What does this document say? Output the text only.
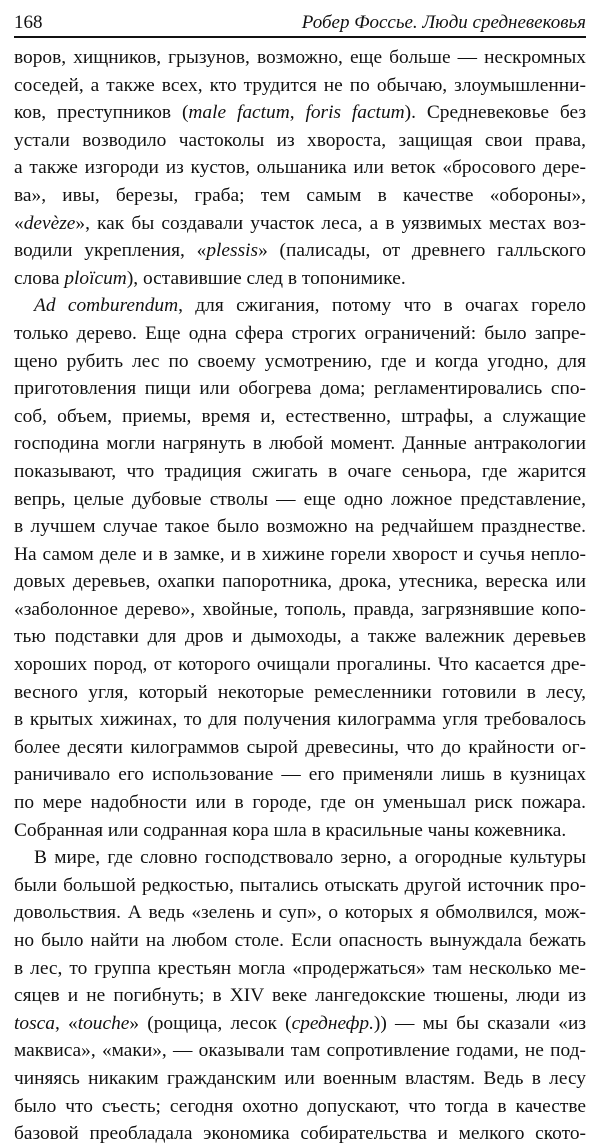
168	Робер Фоссье. Люди средневековья
воров, хищников, грызунов, возможно, еще больше — нескромных
соседей, а также всех, кто трудится не по обычаю, злоумышленни-
ков, преступников (male factum, foris factum). Средневековье без
устали возводило частоколы из хвороста, защищая свои права,
а также изгороди из кустов, ольшаника или веток «бросового дере-
ва», ивы, березы, граба; тем самым в качестве «обороны»,
«devèze», как бы создавали участок леса, а в уязвимых местах воз-
водили укрепления, «plessis» (палисады, от древнего галльского
слова ploïcum), оставившие след в топонимике.
Ad comburendum, для сжигания, потому что в очагах горело
только дерево. Еще одна сфера строгих ограничений: было запре-
щено рубить лес по своему усмотрению, где и когда угодно, для
приготовления пищи или обогрева дома; регламентировались спо-
соб, объем, приемы, время и, естественно, штрафы, а служащие
господина могли нагрянуть в любой момент. Данные антракологии
показывают, что традиция сжигать в очаге сеньора, где жарится
вепрь, целые дубовые стволы — еще одно ложное представление,
в лучшем случае такое было возможно на редчайшем празднестве.
На самом деле и в замке, и в хижине горели хворост и сучья непло-
довых деревьев, охапки папоротника, дрока, утесника, вереска или
«заболонное дерево», хвойные, тополь, правда, загрязнявшие копо-
тью подставки для дров и дымоходы, а также валежник деревьев
хороших пород, от которого очищали прогалины. Что касается дре-
весного угля, который некоторые ремесленники готовили в лесу,
в крытых хижинах, то для получения килограмма угля требовалось
более десяти килограммов сырой древесины, что до крайности ог-
раничивало его использование — его применяли лишь в кузницах
по мере надобности или в городе, где он уменьшал риск пожара.
Собранная или содранная кора шла в красильные чаны кожевника.
В мире, где словно господствовало зерно, а огородные культуры
были большой редкостью, пытались отыскать другой источник про-
довольствия. А ведь «зелень и суп», о которых я обмолвился, мож-
но было найти на любом столе. Если опасность вынуждала бежать
в лес, то группа крестьян могла «продержаться» там несколько ме-
сяцев и не погибнуть; в XIV веке лангедокские тюшены, люди из
tosca, «touche» (рощица, лесок (среднефр.)) — мы бы сказали «из
маквиса», «маки», — оказывали там сопротивление годами, не под-
чиняясь никаким гражданским или военным властям. Ведь в лесу
было что съесть; сегодня охотно допускают, что тогда в качестве
базовой преобладала экономика собирательства и мелкого ското-
